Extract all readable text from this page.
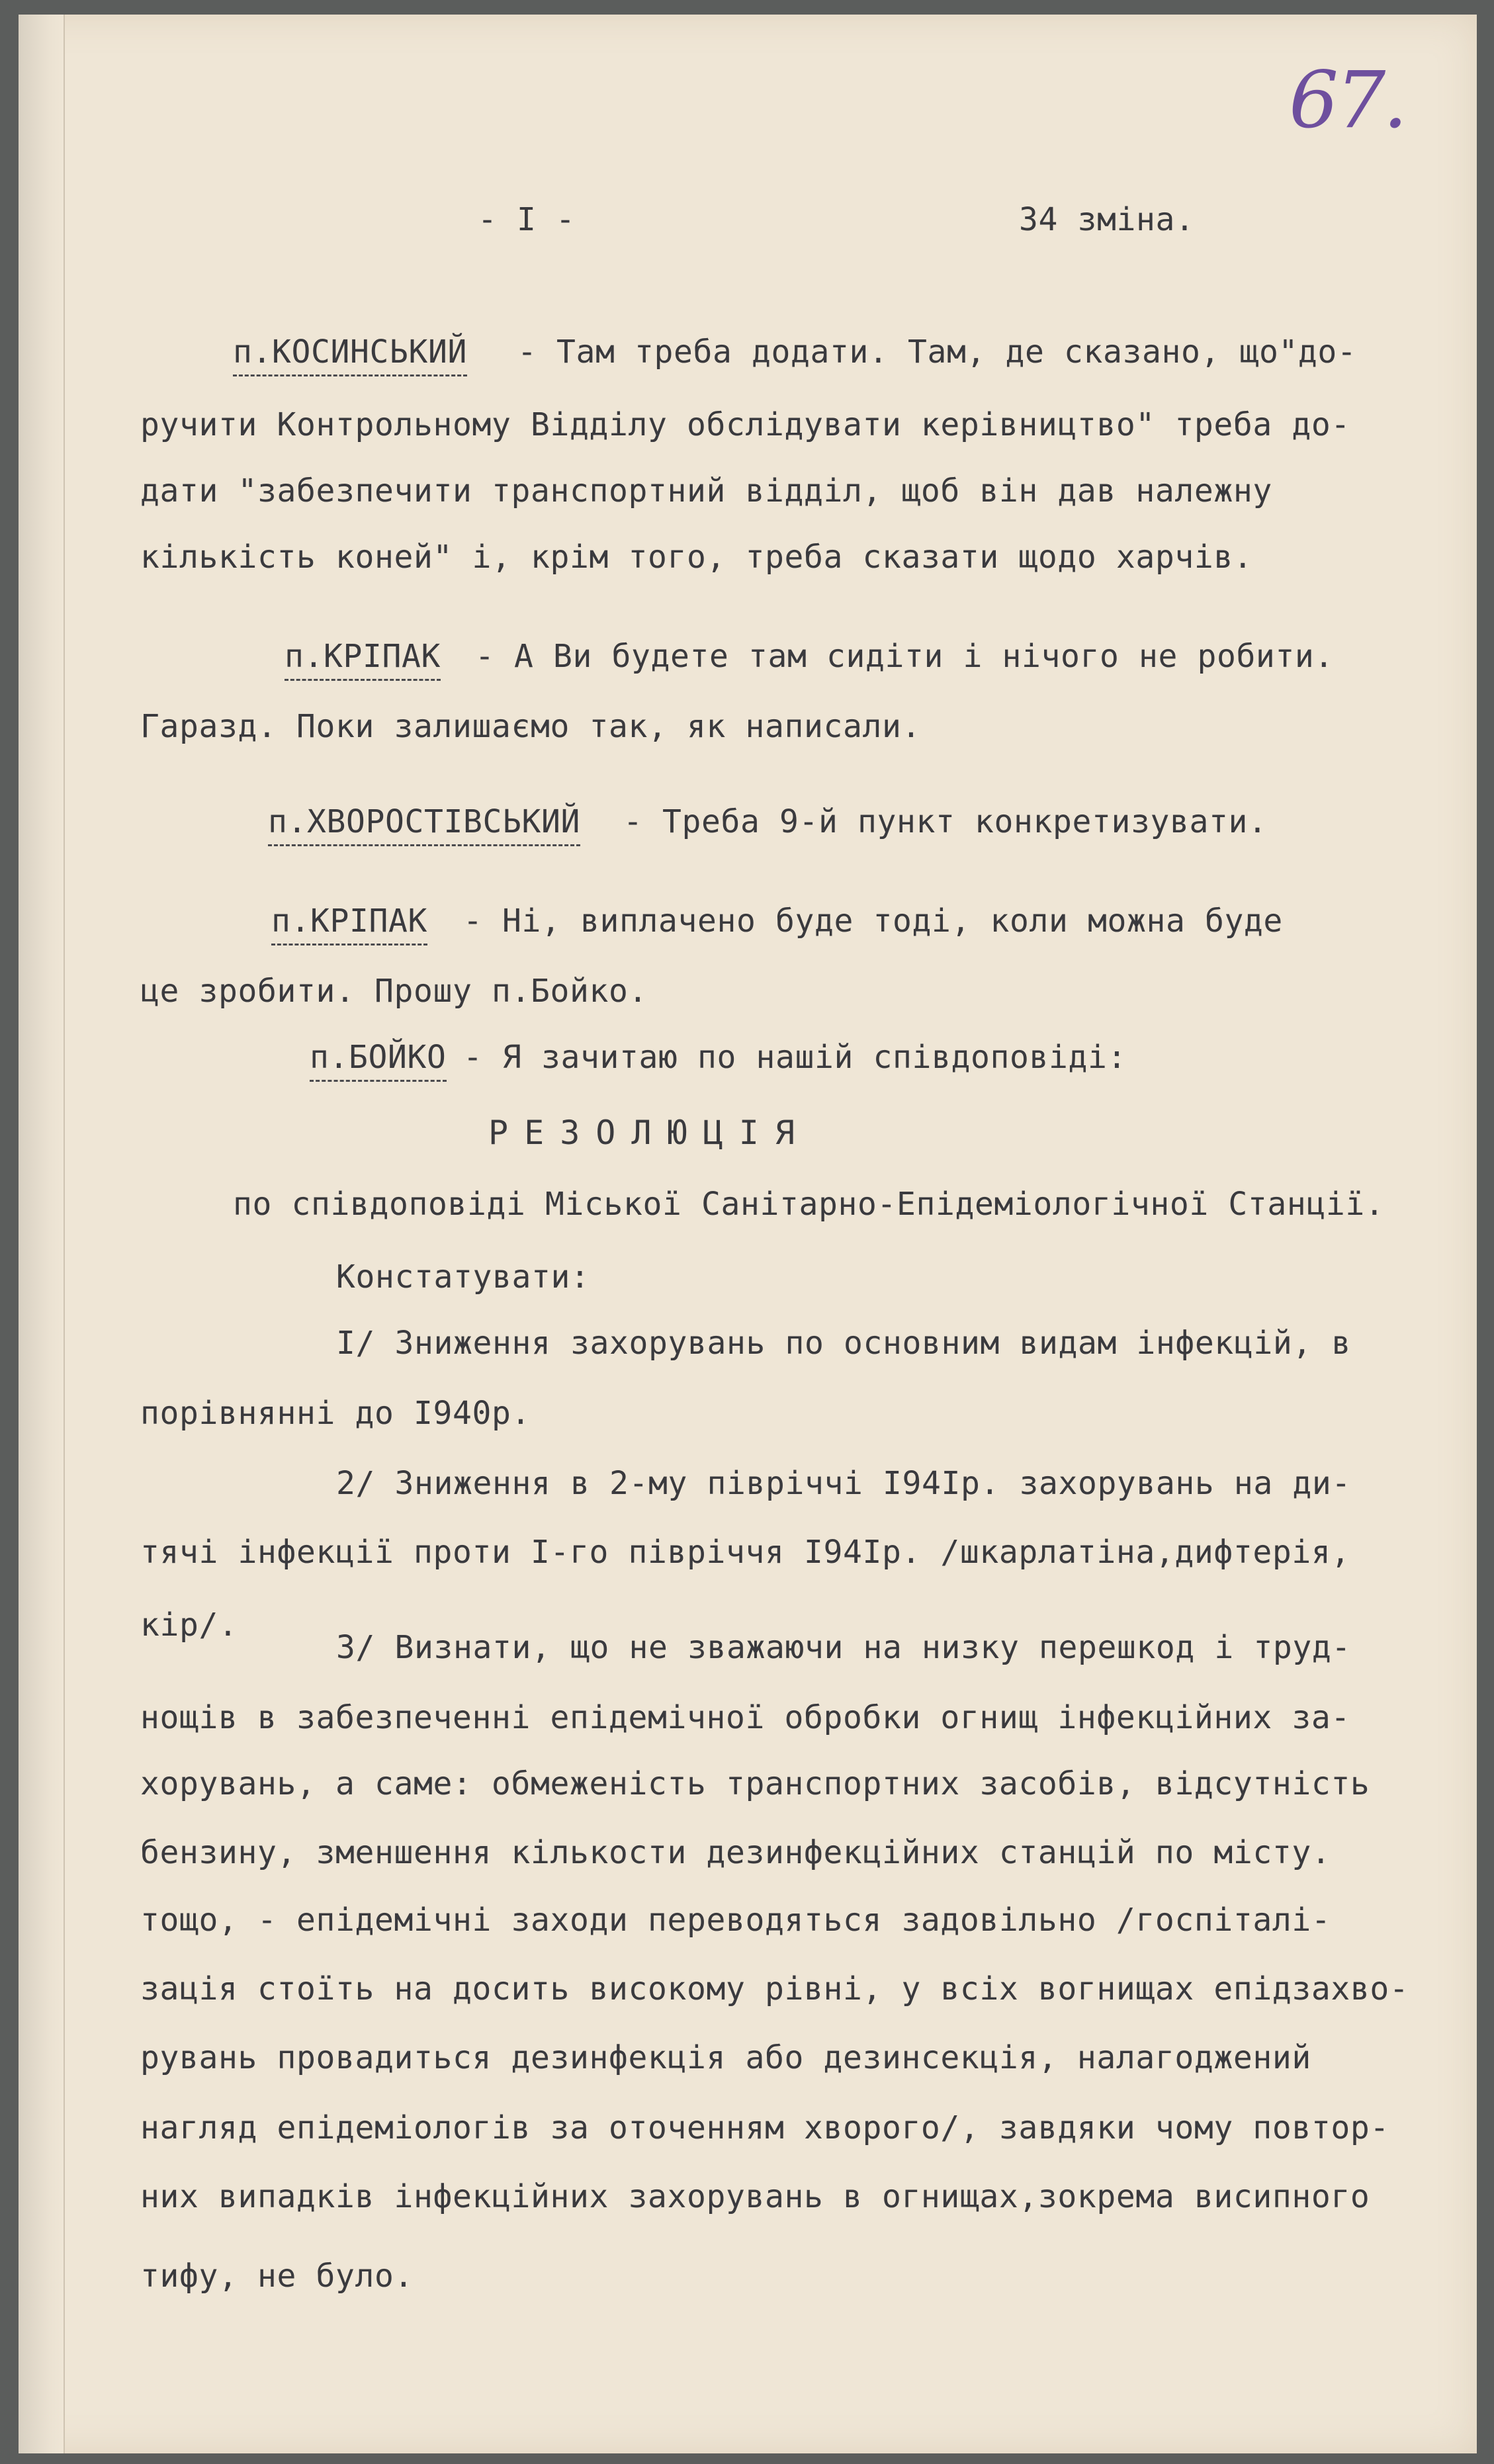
67.
- I -	34 зміна.
п.КОСИНСЬКИЙ - Там треба додати. Там, де сказано, що"до-
ручити Контрольному Відділу обслідувати керівництво" треба до-
дати "забезпечити транспортний відділ, щоб він дав належну
кількість коней" і, крім того, треба сказати щодо харчів.
п.КРІПАК - А Ви будете там сидіти і нічого не робити.
Гаразд. Поки залишаємо так, як написали.
п.ХВОРОСТІВСЬКИЙ - Треба 9-й пункт конкретизувати.
п.КРІПАК - Ні, виплачено буде тоді, коли можна буде
це зробити. Прошу п.Бойко.
п.БОЙКО - Я зачитаю по нашій співдоповіді:
РЕЗОЛЮЦІЯ
по співдоповіді Міської Санітарно-Епідеміологічної Станції.
Констатувати:
I/ Зниження захорувань по основним видам інфекцій, в
порівнянні до I940р.
2/ Зниження в 2-му півріччі I94Iр. захорувань на ди-
тячі інфекції проти I-го півріччя I94Iр. /шкарлатіна,дифтерія,
кір/.
3/ Визнати, що не зважаючи на низку перешкод і труд-
нощів в забезпеченні епідемічної обробки огнищ інфекційних за-
хорувань, а саме: обмеженість транспортних засобів, відсутність
бензину, зменшення кількости дезинфекційних станцій по місту.
тощо, - епідемічні заходи переводяться задовільно /госпіталі-
зація стоїть на досить високому рівні, у всіх вогнищах епідзахво-
рувань провадиться дезинфекція або дезинсекція, налагоджений
нагляд епідеміологів за оточенням хворого/, завдяки чому повтор-
них випадків інфекційних захорувань в огнищах,зокрема висипного
тифу, не було.
